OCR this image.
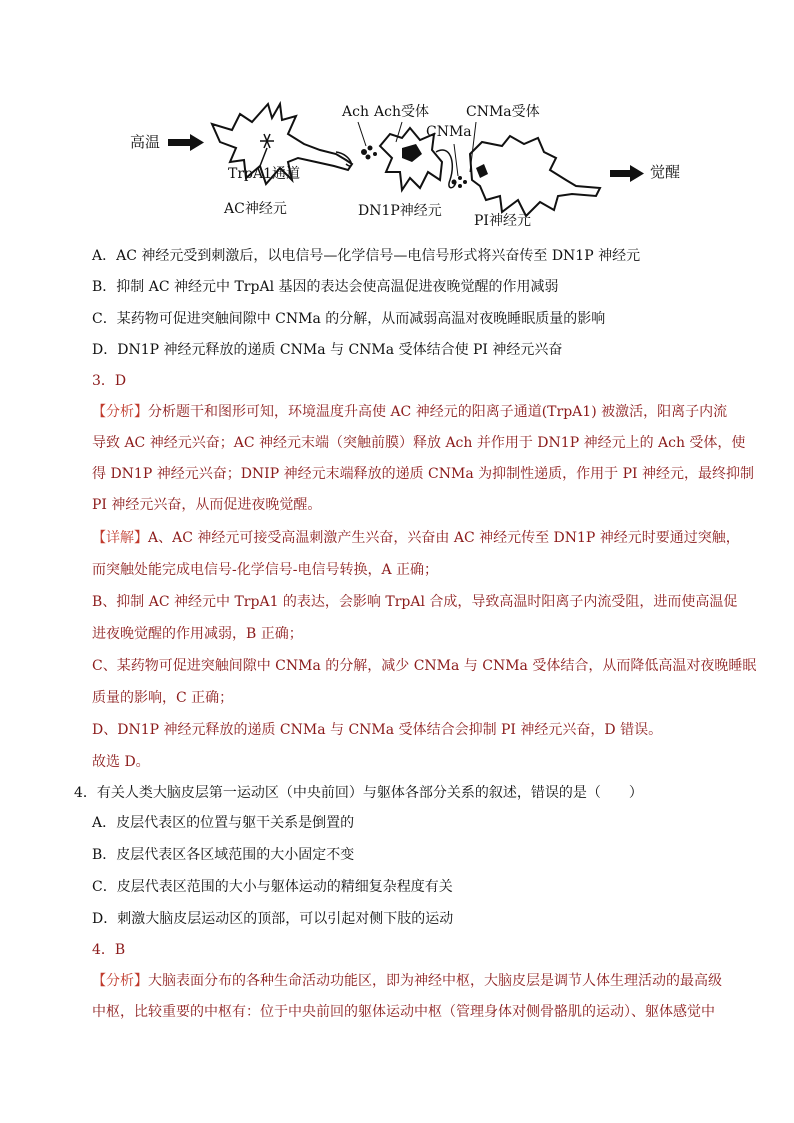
高温
Ach Ach受体
CNMa
CNMa受体
TrpA1通道
AC神经元	DN1P神经元
PI神经元
觉醒
A．AC 神经元受到刺激后，以电信号—化学信号—电信号形式将兴奋传至 DN1P 神经元
B．抑制 AC 神经元中 TrpAl 基因的表达会使高温促进夜晚觉醒的作用减弱
C．某药物可促进突触间隙中 CNMa 的分解，从而减弱高温对夜晚睡眠质量的影响
D．DN1P 神经元释放的递质 CNMa 与 CNMa 受体结合使 PI 神经元兴奋
3．D
【分析】分析题干和图形可知，环境温度升高使 AC 神经元的阳离子通道(TrpA1) 被激活，阳离子内流
导致 AC 神经元兴奋；AC 神经元末端（突触前膜）释放 Ach 并作用于 DN1P 神经元上的 Ach 受体，使
得 DN1P 神经元兴奋；DNIP 神经元末端释放的递质 CNMa 为抑制性递质，作用于 PI 神经元，最终抑制
PI 神经元兴奋，从而促进夜晚觉醒。
【详解】A、AC 神经元可接受高温刺激产生兴奋，兴奋由 AC 神经元传至 DN1P 神经元时要通过突触，
而突触处能完成电信号-化学信号-电信号转换，A 正确；
B、抑制 AC 神经元中 TrpA1 的表达，会影响 TrpAl 合成，导致高温时阳离子内流受阻，进而使高温促
进夜晚觉醒的作用减弱，B 正确；
C、某药物可促进突触间隙中 CNMa 的分解，减少 CNMa 与 CNMa 受体结合，从而降低高温对夜晚睡眠
质量的影响，C 正确；
D、DN1P 神经元释放的递质 CNMa 与 CNMa 受体结合会抑制 PI 神经元兴奋，D 错误。
故选 D。
4．有关人类大脑皮层第一运动区（中央前回）与躯体各部分关系的叙述，错误的是（　　）
A．皮层代表区的位置与躯干关系是倒置的
B．皮层代表区各区域范围的大小固定不变
C．皮层代表区范围的大小与躯体运动的精细复杂程度有关
D．刺激大脑皮层运动区的顶部，可以引起对侧下肢的运动
4．B
【分析】大脑表面分布的各种生命活动功能区，即为神经中枢，大脑皮层是调节人体生理活动的最高级
中枢，比较重要的中枢有：位于中央前回的躯体运动中枢（管理身体对侧骨骼肌的运动）、躯体感觉中
